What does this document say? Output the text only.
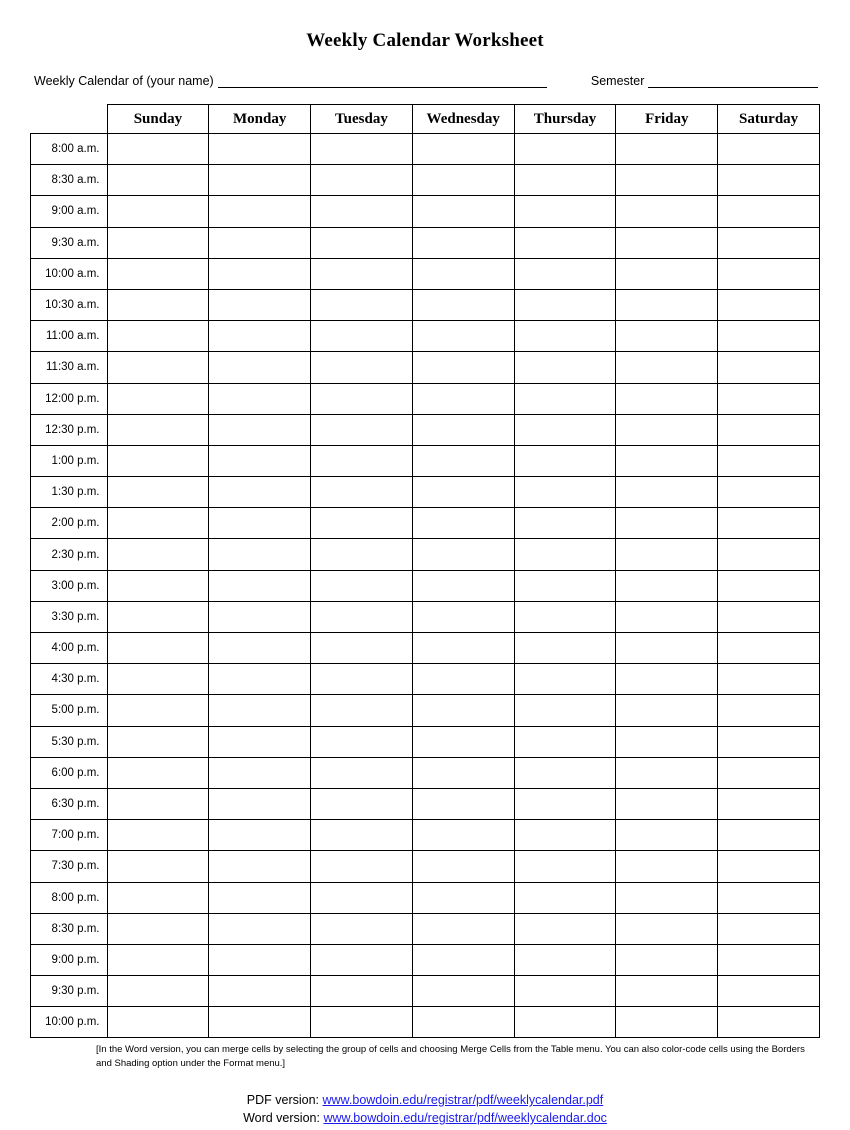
Weekly Calendar Worksheet
Weekly Calendar of (your name)	Semester
	Sunday	Monday	Tuesday	Wednesday	Thursday	Friday	Saturday
8:00 a.m.							
8:30 a.m.							
9:00 a.m.							
9:30 a.m.							
10:00 a.m.							
10:30 a.m.							
11:00 a.m.							
11:30 a.m.							
12:00 p.m.							
12:30 p.m.							
1:00 p.m.							
1:30 p.m.							
2:00 p.m.							
2:30 p.m.							
3:00 p.m.							
3:30 p.m.							
4:00 p.m.							
4:30 p.m.							
5:00 p.m.							
5:30 p.m.							
6:00 p.m.							
6:30 p.m.							
7:00 p.m.							
7:30 p.m.							
8:00 p.m.							
8:30 p.m.							
9:00 p.m.							
9:30 p.m.							
10:00 p.m.							
[In the Word version, you can merge cells by selecting the group of cells and choosing Merge Cells from the Table menu. You can also color-code cells using the Borders and Shading option under the Format menu.]
PDF version: www.bowdoin.edu/registrar/pdf/weeklycalendar.pdf
Word version: www.bowdoin.edu/registrar/pdf/weeklycalendar.doc
